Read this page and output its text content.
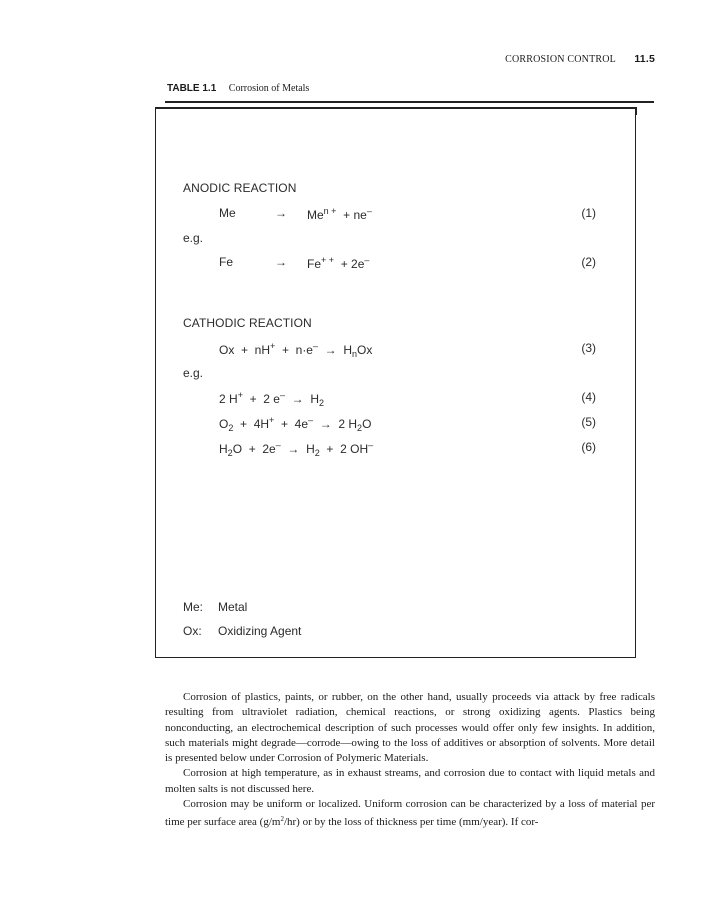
CORROSION CONTROL 11.5
TABLE 1.1 Corrosion of Metals
ANODIC REACTION
Me	→ $Me^{n +} + ne^-$	(1)
e.g.
Fe	→ Fe+ + + 2e–	(2)
CATHODIC REACTION
$Ox + nH^+ + n\cdot e^- \to H_nOx$	(3)
e.g.
2 H+  +  2 $e^- \to H_2$	(4)
$O_2 + 4H^+ + 4e^- \to 2$ $H_2O$	(5)
$H_2O + 2e^- \to H_2 + 2$ OH–	(6)
Me: Metal
Ox: Oxidizing Agent

Corrosion of plastics, paints, or rubber, on the other hand, usually proceeds via attack by free radicals resulting from ultraviolet radiation, chemical reactions, or strong oxidizing agents. Plastics being nonconducting, an electrochemical description of such processes would offer only few insights. In addition, such materials might degrade—corrode—owing to the loss of additives or absorption of solvents. More detail is presented below under Corrosion of Polymeric Materials.

Corrosion at high temperature, as in exhaust streams, and corrosion due to contact with liquid metals and molten salts is not discussed here.

Corrosion may be uniform or localized. Uniform corrosion can be characterized by a loss of material per time per surface area $(g/m^2/hr)$ or by the loss of thickness per time (mm/year). If cor-
